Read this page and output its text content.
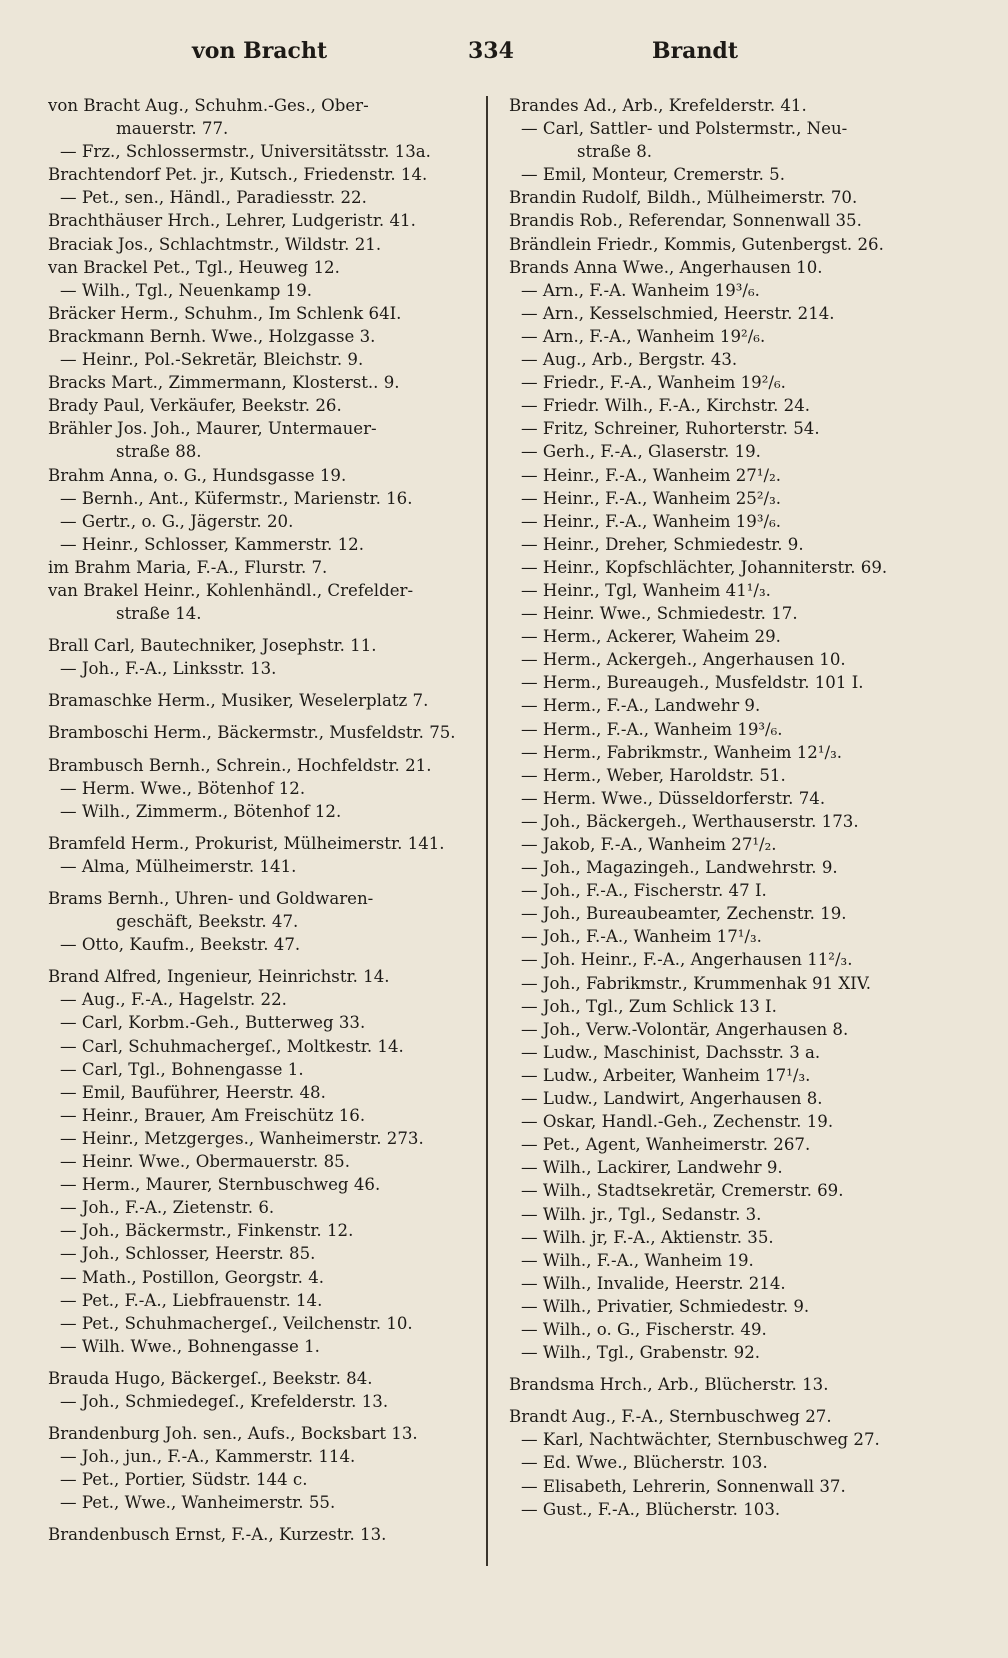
von Bracht	334	Brandt
von Bracht Aug., Schuhm.-Ges., Ober-
mauerstr. 77.
— Frz., Schlossermstr., Universitätsstr. 13a.
Brachtendorf Pet. jr., Kutsch., Friedenstr. 14.
— Pet., sen., Händl., Paradiesstr. 22.
Brachthäuser Hrch., Lehrer, Ludgeristr. 41.
Braciak Jos., Schlachtmstr., Wildstr. 21.
van Brackel Pet., Tgl., Heuweg 12.
— Wilh., Tgl., Neuenkamp 19.
Bräcker Herm., Schuhm., Im Schlenk 64I.
Brackmann Bernh. Wwe., Holzgasse 3.
— Heinr., Pol.-Sekretär, Bleichstr. 9.
Bracks Mart., Zimmermann, Klosterst.. 9.
Brady Paul, Verkäufer, Beekstr. 26.
Brähler Jos. Joh., Maurer, Untermauer-
straße 88.
Brahm Anna, o. G., Hundsgasse 19.
— Bernh., Ant., Küfermstr., Marienstr. 16.
— Gertr., o. G., Jägerstr. 20.
— Heinr., Schlosser, Kammerstr. 12.
im Brahm Maria, F.-A., Flurstr. 7.
van Brakel Heinr., Kohlenhändl., Crefelder-
straße 14.
Brall Carl, Bautechniker, Josephstr. 11.
— Joh., F.-A., Linksstr. 13.
Bramaschke Herm., Musiker, Weselerplatz 7.
Bramboschi Herm., Bäckermstr., Musfeldstr. 75.
Brambusch Bernh., Schrein., Hochfeldstr. 21.
— Herm. Wwe., Bötenhof 12.
— Wilh., Zimmerm., Bötenhof 12.
Bramfeld Herm., Prokurist, Mülheimerstr. 141.
— Alma, Mülheimerstr. 141.
Brams Bernh., Uhren- und Goldwaren-
geschäft, Beekstr. 47.
— Otto, Kaufm., Beekstr. 47.
Brand Alfred, Ingenieur, Heinrichstr. 14.
— Aug., F.-A., Hagelstr. 22.
— Carl, Korbm.-Geh., Butterweg 33.
— Carl, Schuhmachergeſ., Moltkestr. 14.
— Carl, Tgl., Bohnengasse 1.
— Emil, Bauführer, Heerstr. 48.
— Heinr., Brauer, Am Freischütz 16.
— Heinr., Metzgerges., Wanheimerstr. 273.
— Heinr. Wwe., Obermauerstr. 85.
— Herm., Maurer, Sternbuschweg 46.
— Joh., F.-A., Zietenstr. 6.
— Joh., Bäckermstr., Finkenstr. 12.
— Joh., Schlosser, Heerstr. 85.
— Math., Postillon, Georgstr. 4.
— Pet., F.-A., Liebfrauenstr. 14.
— Pet., Schuhmachergeſ., Veilchenstr. 10.
— Wilh. Wwe., Bohnengasse 1.
Brauda Hugo, Bäckergeſ., Beekstr. 84.
— Joh., Schmiedegeſ., Krefelderstr. 13.
Brandenburg Joh. sen., Aufs., Bocksbart 13.
— Joh., jun., F.-A., Kammerstr. 114.
— Pet., Portier, Südstr. 144 c.
— Pet., Wwe., Wanheimerstr. 55.
Brandenbusch Ernst, F.-A., Kurzestr. 13.
Brandes Ad., Arb., Krefelderstr. 41.
— Carl, Sattler- und Polstermstr., Neu-
straße 8.
— Emil, Monteur, Cremerstr. 5.
Brandin Rudolf, Bildh., Mülheimerstr. 70.
Brandis Rob., Referendar, Sonnenwall 35.
Brändlein Friedr., Kommis, Gutenbergst. 26.
Brands Anna Wwe., Angerhausen 10.
— Arn., F.-A. Wanheim 19³/₆.
— Arn., Kesselschmied, Heerstr. 214.
— Arn., F.-A., Wanheim 19²/₆.
— Aug., Arb., Bergstr. 43.
— Friedr., F.-A., Wanheim 19²/₆.
— Friedr. Wilh., F.-A., Kirchstr. 24.
— Fritz, Schreiner, Ruhorterstr. 54.
— Gerh., F.-A., Glaserstr. 19.
— Heinr., F.-A., Wanheim 27¹/₂.
— Heinr., F.-A., Wanheim 25²/₃.
— Heinr., F.-A., Wanheim 19³/₆.
— Heinr., Dreher, Schmiedestr. 9.
— Heinr., Kopfschlächter, Johanniterstr. 69.
— Heinr., Tgl, Wanheim 41¹/₃.
— Heinr. Wwe., Schmiedestr. 17.
— Herm., Ackerer, Waheim 29.
— Herm., Ackergeh., Angerhausen 10.
— Herm., Bureaugeh., Musfeldstr. 101 I.
— Herm., F.-A., Landwehr 9.
— Herm., F.-A., Wanheim 19³/₆.
— Herm., Fabrikmstr., Wanheim 12¹/₃.
— Herm., Weber, Haroldstr. 51.
— Herm. Wwe., Düsseldorferstr. 74.
— Joh., Bäckergeh., Werthauserstr. 173.
— Jakob, F.-A., Wanheim 27¹/₂.
— Joh., Magazingeh., Landwehrstr. 9.
— Joh., F.-A., Fischerstr. 47 I.
— Joh., Bureaubeamter, Zechenstr. 19.
— Joh., F.-A., Wanheim 17¹/₃.
— Joh. Heinr., F.-A., Angerhausen 11²/₃.
— Joh., Fabrikmstr., Krummenhak 91 XIV.
— Joh., Tgl., Zum Schlick 13 I.
— Joh., Verw.-Volontär, Angerhausen 8.
— Ludw., Maschinist, Dachsstr. 3 a.
— Ludw., Arbeiter, Wanheim 17¹/₃.
— Ludw., Landwirt, Angerhausen 8.
— Oskar, Handl.-Geh., Zechenstr. 19.
— Pet., Agent, Wanheimerstr. 267.
— Wilh., Lackirer, Landwehr 9.
— Wilh., Stadtsekretär, Cremerstr. 69.
— Wilh. jr., Tgl., Sedanstr. 3.
— Wilh. jr, F.-A., Aktienstr. 35.
— Wilh., F.-A., Wanheim 19.
— Wilh., Invalide, Heerstr. 214.
— Wilh., Privatier, Schmiedestr. 9.
— Wilh., o. G., Fischerstr. 49.
— Wilh., Tgl., Grabenstr. 92.
Brandsma Hrch., Arb., Blücherstr. 13.
Brandt Aug., F.-A., Sternbuschweg 27.
— Karl, Nachtwächter, Sternbuschweg 27.
— Ed. Wwe., Blücherstr. 103.
— Elisabeth, Lehrerin, Sonnenwall 37.
— Gust., F.-A., Blücherstr. 103.
